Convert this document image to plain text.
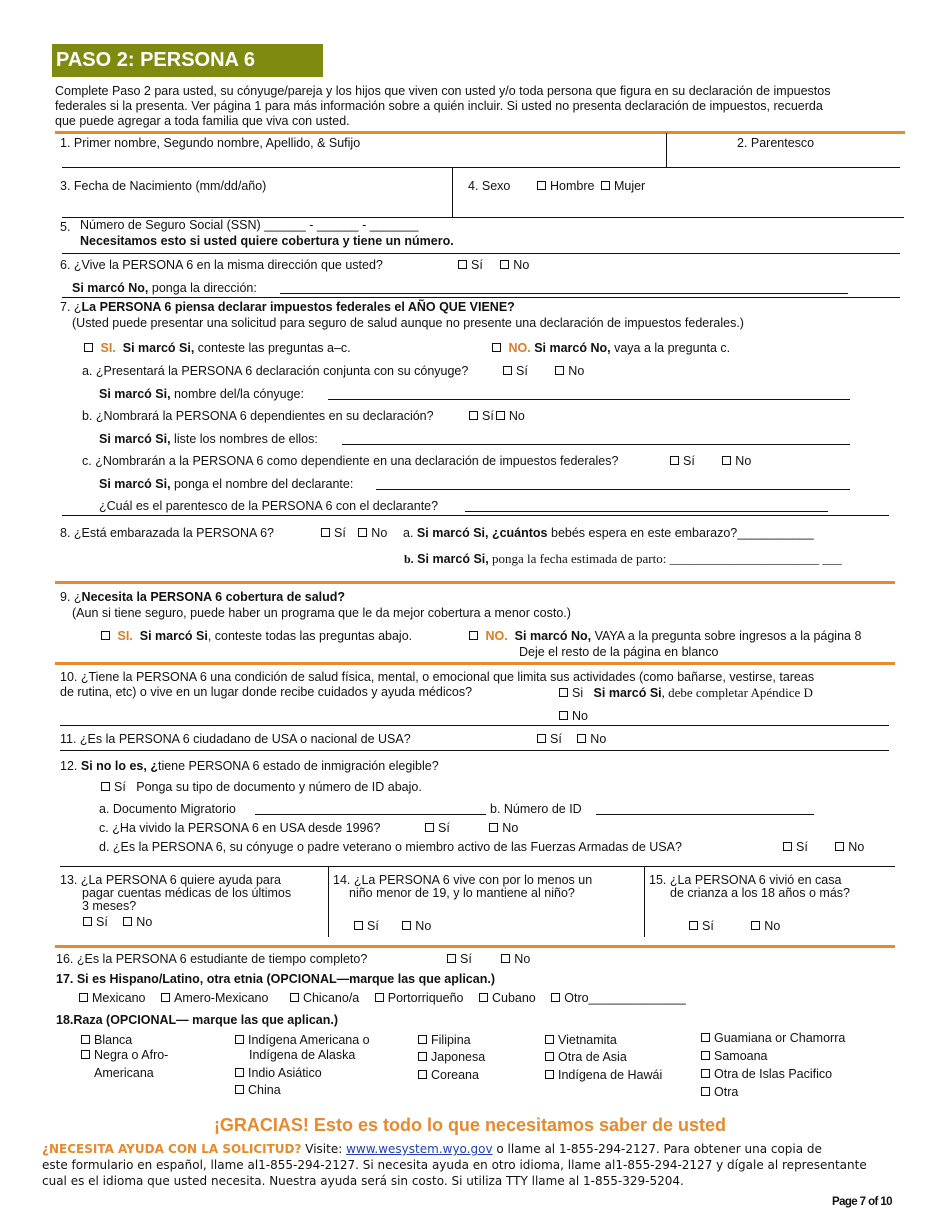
PASO 2: PERSONA 6
Complete Paso 2 para usted, su cónyuge/pareja y los hijos que viven con usted y/o toda persona que figura en su declaración de impuestos
federales si la presenta. Ver página 1 para más información sobre a quién incluir. Si usted no presenta declaración de impuestos, recuerda
que puede agregar a toda familia que viva con usted.
1. Primer nombre, Segundo nombre, Apellido, & Sufijo	2. Parentesco
3. Fecha de Nacimiento (mm/dd/año)	4. Sexo	Hombre Mujer
5. Número de Seguro Social (SSN) ______ - ______ - _______
Necesitamos esto si usted quiere cobertura y tiene un número.
6. ¿Vive la PERSONA 6 en la misma dirección que usted?	Sí No
Si marcó No, ponga la dirección:
7. ¿La PERSONA 6 piensa declarar impuestos federales el AÑO QUE VIENE?
(Usted puede presentar una solicitud para seguro de salud aunque no presente una declaración de impuestos federales.)
SI. Si marcó Si, conteste las preguntas a–c.	NO. Si marcó No, vaya a la pregunta c.
a. ¿Presentará la PERSONA 6 declaración conjunta con su cónyuge?	Sí	No
Si marcó Si, nombre del/la cónyuge:
b. ¿Nombrará la PERSONA 6 dependientes en su declaración?	Sí No
Si marcó Si, liste los nombres de ellos:
c. ¿Nombrarán a la PERSONA 6 como dependiente en una declaración de impuestos federales?	Sí	No
Si marcó Si, ponga el nombre del declarante:
¿Cuál es el parentesco de la PERSONA 6 con el declarante?
8. ¿Está embarazada la PERSONA 6?	Sí No a. Si marcó Si, ¿cuántos bebés espera en este embarazo?___________
b. Si marcó Si, ponga la fecha estimada de parto: _______________________ ___
9. ¿Necesita la PERSONA 6 cobertura de salud?
(Aun si tiene seguro, puede haber un programa que le da mejor cobertura a menor costo.)
SI. Si marcó Si, conteste todas las preguntas abajo.	NO. Si marcó No, VAYA a la pregunta sobre ingresos a la página 8
Deje el resto de la página en blanco
10. ¿Tiene la PERSONA 6 una condición de salud física, mental, o emocional que limita sus actividades (como bañarse, vestirse, tareas
de rutina, etc) o vive en un lugar donde recibe cuidados y ayuda médicos?	Si Si marcó Si, debe completar Apéndice D
No
11. ¿Es la PERSONA 6 ciudadano de USA o nacional de USA?	Sí No
12. Si no lo es, ¿tiene PERSONA 6 estado de inmigración elegible?
Sí Ponga su tipo de documento y número de ID abajo.
a. Documento Migratorio	b. Número de ID
c. ¿Ha vivido la PERSONA 6 en USA desde 1996?	Sí	No
d. ¿Es la PERSONA 6, su cónyuge o padre veterano o miembro activo de las Fuerzas Armadas de USA?	Sí	No
13. ¿La PERSONA 6 quiere ayuda para
pagar cuentas médicas de los últimos
3 meses?
Sí No
14. ¿La PERSONA 6 vive con por lo menos un
niño menor de 19, y lo mantiene al niño?
Sí	No
15. ¿La PERSONA 6 vivió en casa
de crianza a los 18 años o más?
Sí	No
16. ¿Es la PERSONA 6 estudiante de tiempo completo?	Sí	No
17. Si es Hispano/Latino, otra etnia (OPCIONAL—marque las que aplican.)
Mexicano Amero-Mexicano	Chicano/a Portorriqueño Cubano Otro______________
18.Raza (OPCIONAL— marque las que aplican.)
Blanca
Negra o Afro-
Americana
Indígena Americana o
Indígena de Alaska
Indio Asiático
China
Filipina
Japonesa
Coreana
Vietnamita
Otra de Asia
Indígena de Hawái
Guamiana or Chamorra
Samoana
Otra de Islas Pacifico
Otra
¡GRACIAS! Esto es todo lo que necesitamos saber de usted
¿NECESITA AYUDA CON LA SOLICITUD? Visite: www.wesystem.wyo.gov o llame al 1-855-294-2127. Para obtener una copia de
este formulario en español, llame al1-855-294-2127. Si necesita ayuda en otro idioma, llame al1-855-294-2127 y dígale al representante
cual es el idioma que usted necesita. Nuestra ayuda será sin costo. Si utiliza TTY llame al 1-855-329-5204.
Page 7 of 10
